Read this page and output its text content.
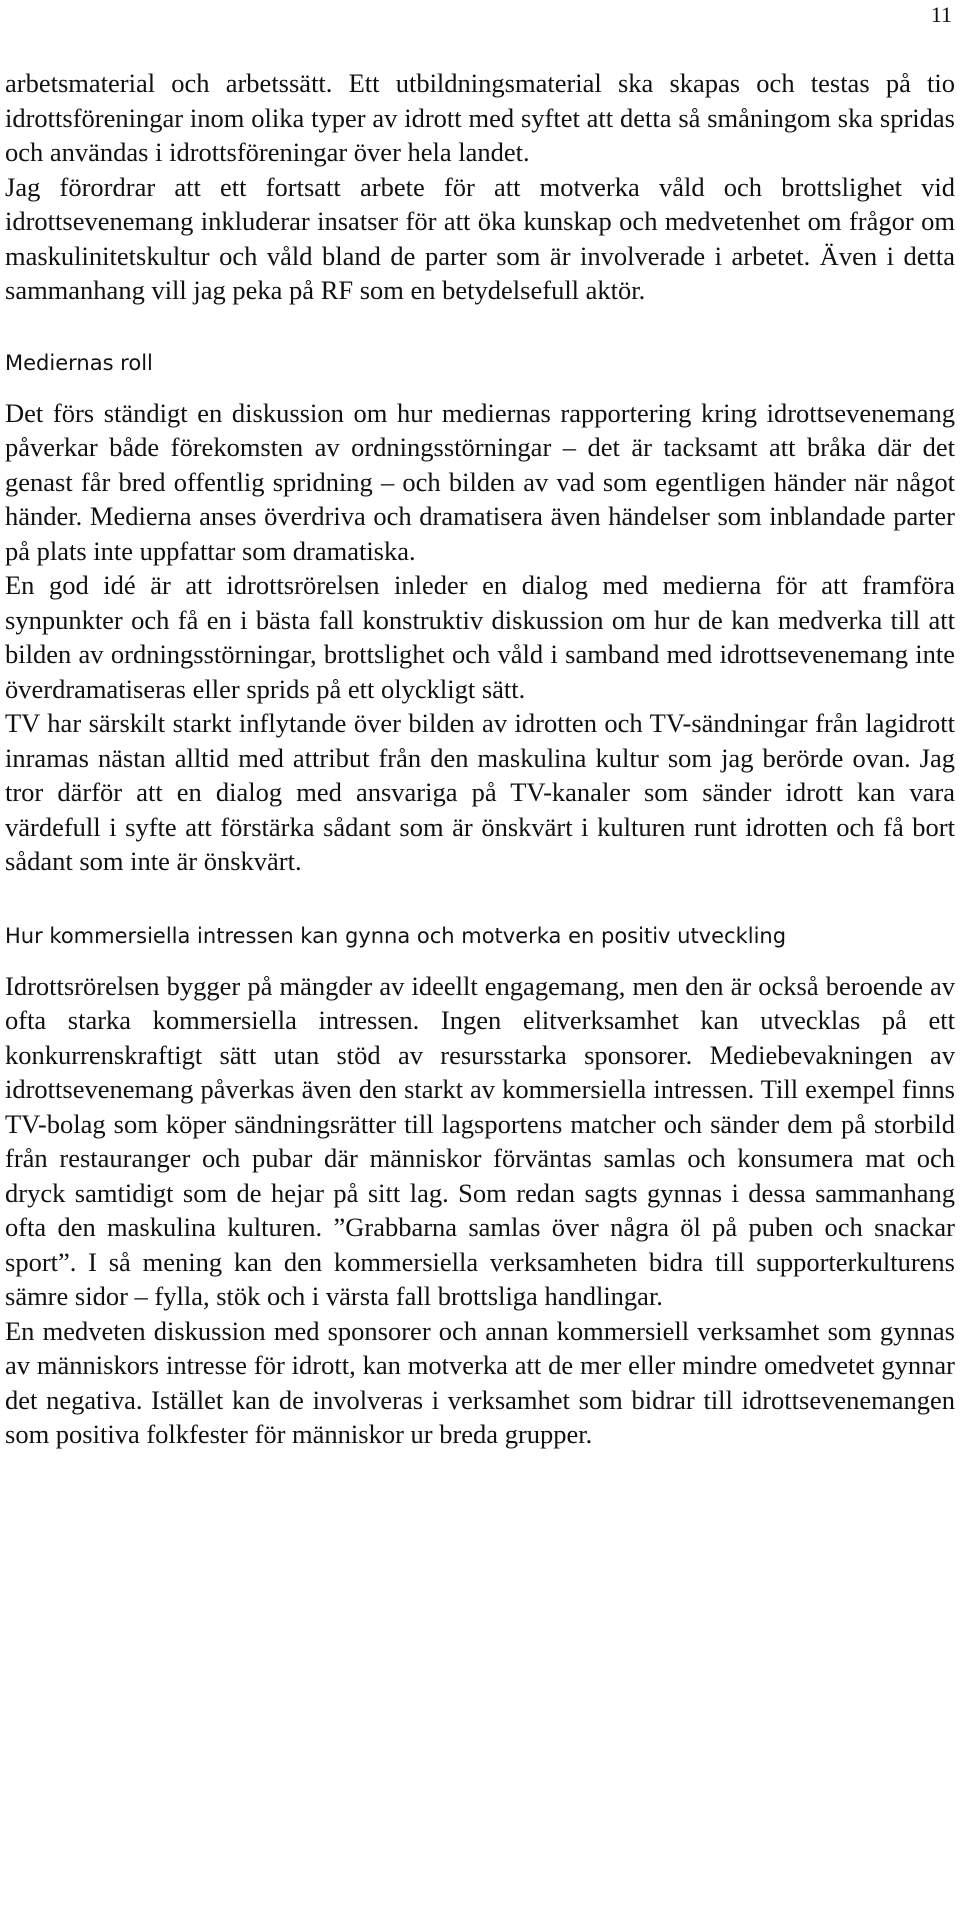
11

arbetsmaterial och arbetssätt. Ett utbildningsmaterial ska skapas och testas på tio idrottsföreningar inom olika typer av idrott med syftet att detta så småningom ska spridas och användas i idrottsföreningar över hela landet.

Jag förordrar att ett fortsatt arbete för att motverka våld och brottslighet vid idrottsevenemang inkluderar insatser för att öka kunskap och medvetenhet om frågor om maskulinitetskultur och våld bland de parter som är involverade i arbetet. Även i detta sammanhang vill jag peka på RF som en betydelsefull aktör.

Mediernas roll

Det förs ständigt en diskussion om hur mediernas rapportering kring idrottsevenemang påverkar både förekomsten av ordningsstörningar – det är tacksamt att bråka där det genast får bred offentlig spridning – och bilden av vad som egentligen händer när något händer. Medierna anses överdriva och dramatisera även händelser som inblandade parter på plats inte uppfattar som dramatiska.

En god idé är att idrottsrörelsen inleder en dialog med medierna för att framföra synpunkter och få en i bästa fall konstruktiv diskussion om hur de kan medverka till att bilden av ordningsstörningar, brottslighet och våld i samband med idrottsevenemang inte överdramatiseras eller sprids på ett olyckligt sätt.

TV har särskilt starkt inflytande över bilden av idrotten och TV-sändningar från lagidrott inramas nästan alltid med attribut från den maskulina kultur som jag berörde ovan. Jag tror därför att en dialog med ansvariga på TV-kanaler som sänder idrott kan vara värdefull i syfte att förstärka sådant som är önskvärt i kulturen runt idrotten och få bort sådant som inte är önskvärt.

Hur kommersiella intressen kan gynna och motverka en positiv utveckling

Idrottsrörelsen bygger på mängder av ideellt engagemang, men den är också beroende av ofta starka kommersiella intressen. Ingen elitverksamhet kan utvecklas på ett konkurrenskraftigt sätt utan stöd av resursstarka sponsorer. Mediebevakningen av idrottsevenemang påverkas även den starkt av kommersiella intressen. Till exempel finns TV-bolag som köper sändningsrätter till lagsportens matcher och sänder dem på storbild från restauranger och pubar där människor förväntas samlas och konsumera mat och dryck samtidigt som de hejar på sitt lag. Som redan sagts gynnas i dessa sammanhang ofta den maskulina kulturen. ”Grabbarna samlas över några öl på puben och snackar sport”. I så mening kan den kommersiella verksamheten bidra till supporterkulturens sämre sidor – fylla, stök och i värsta fall brottsliga handlingar.

En medveten diskussion med sponsorer och annan kommersiell verksamhet som gynnas av människors intresse för idrott, kan motverka att de mer eller mindre omedvetet gynnar det negativa. Istället kan de involveras i verksamhet som bidrar till idrottsevenemangen som positiva folkfester för människor ur breda grupper.
